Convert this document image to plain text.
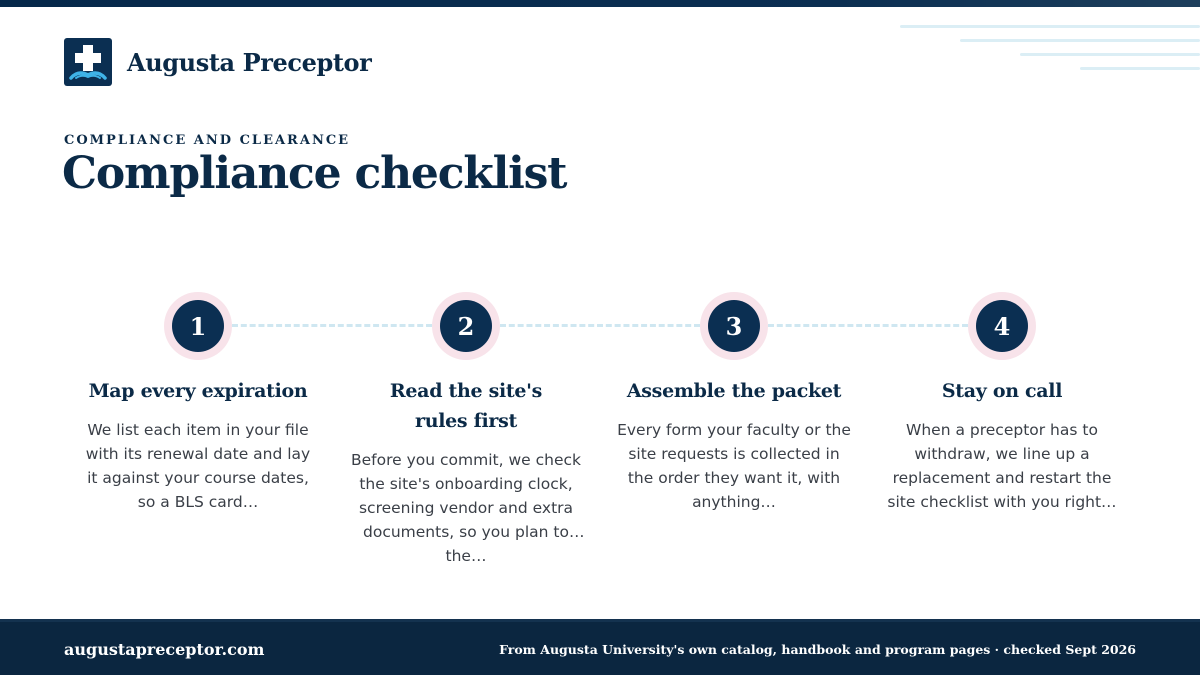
Augusta Preceptor
COMPLIANCE AND CLEARANCE
Compliance checklist
1	2	3	4
Map every expiration
We list each item in your file with its renewal date and lay it against your course dates, so a BLS card…
Read the site's rules first
Before you commit, we check the site's onboarding clock, screening vendor and extra documents, so you plan to the…
Assemble the packet
Every form your faculty or the site requests is collected in the order they want it, with anything…
Stay on call
When a preceptor has to withdraw, we line up a replacement and restart the site checklist with you right…
augustapreceptor.com	From Augusta University's own catalog, handbook and program pages · checked Sept 2026
